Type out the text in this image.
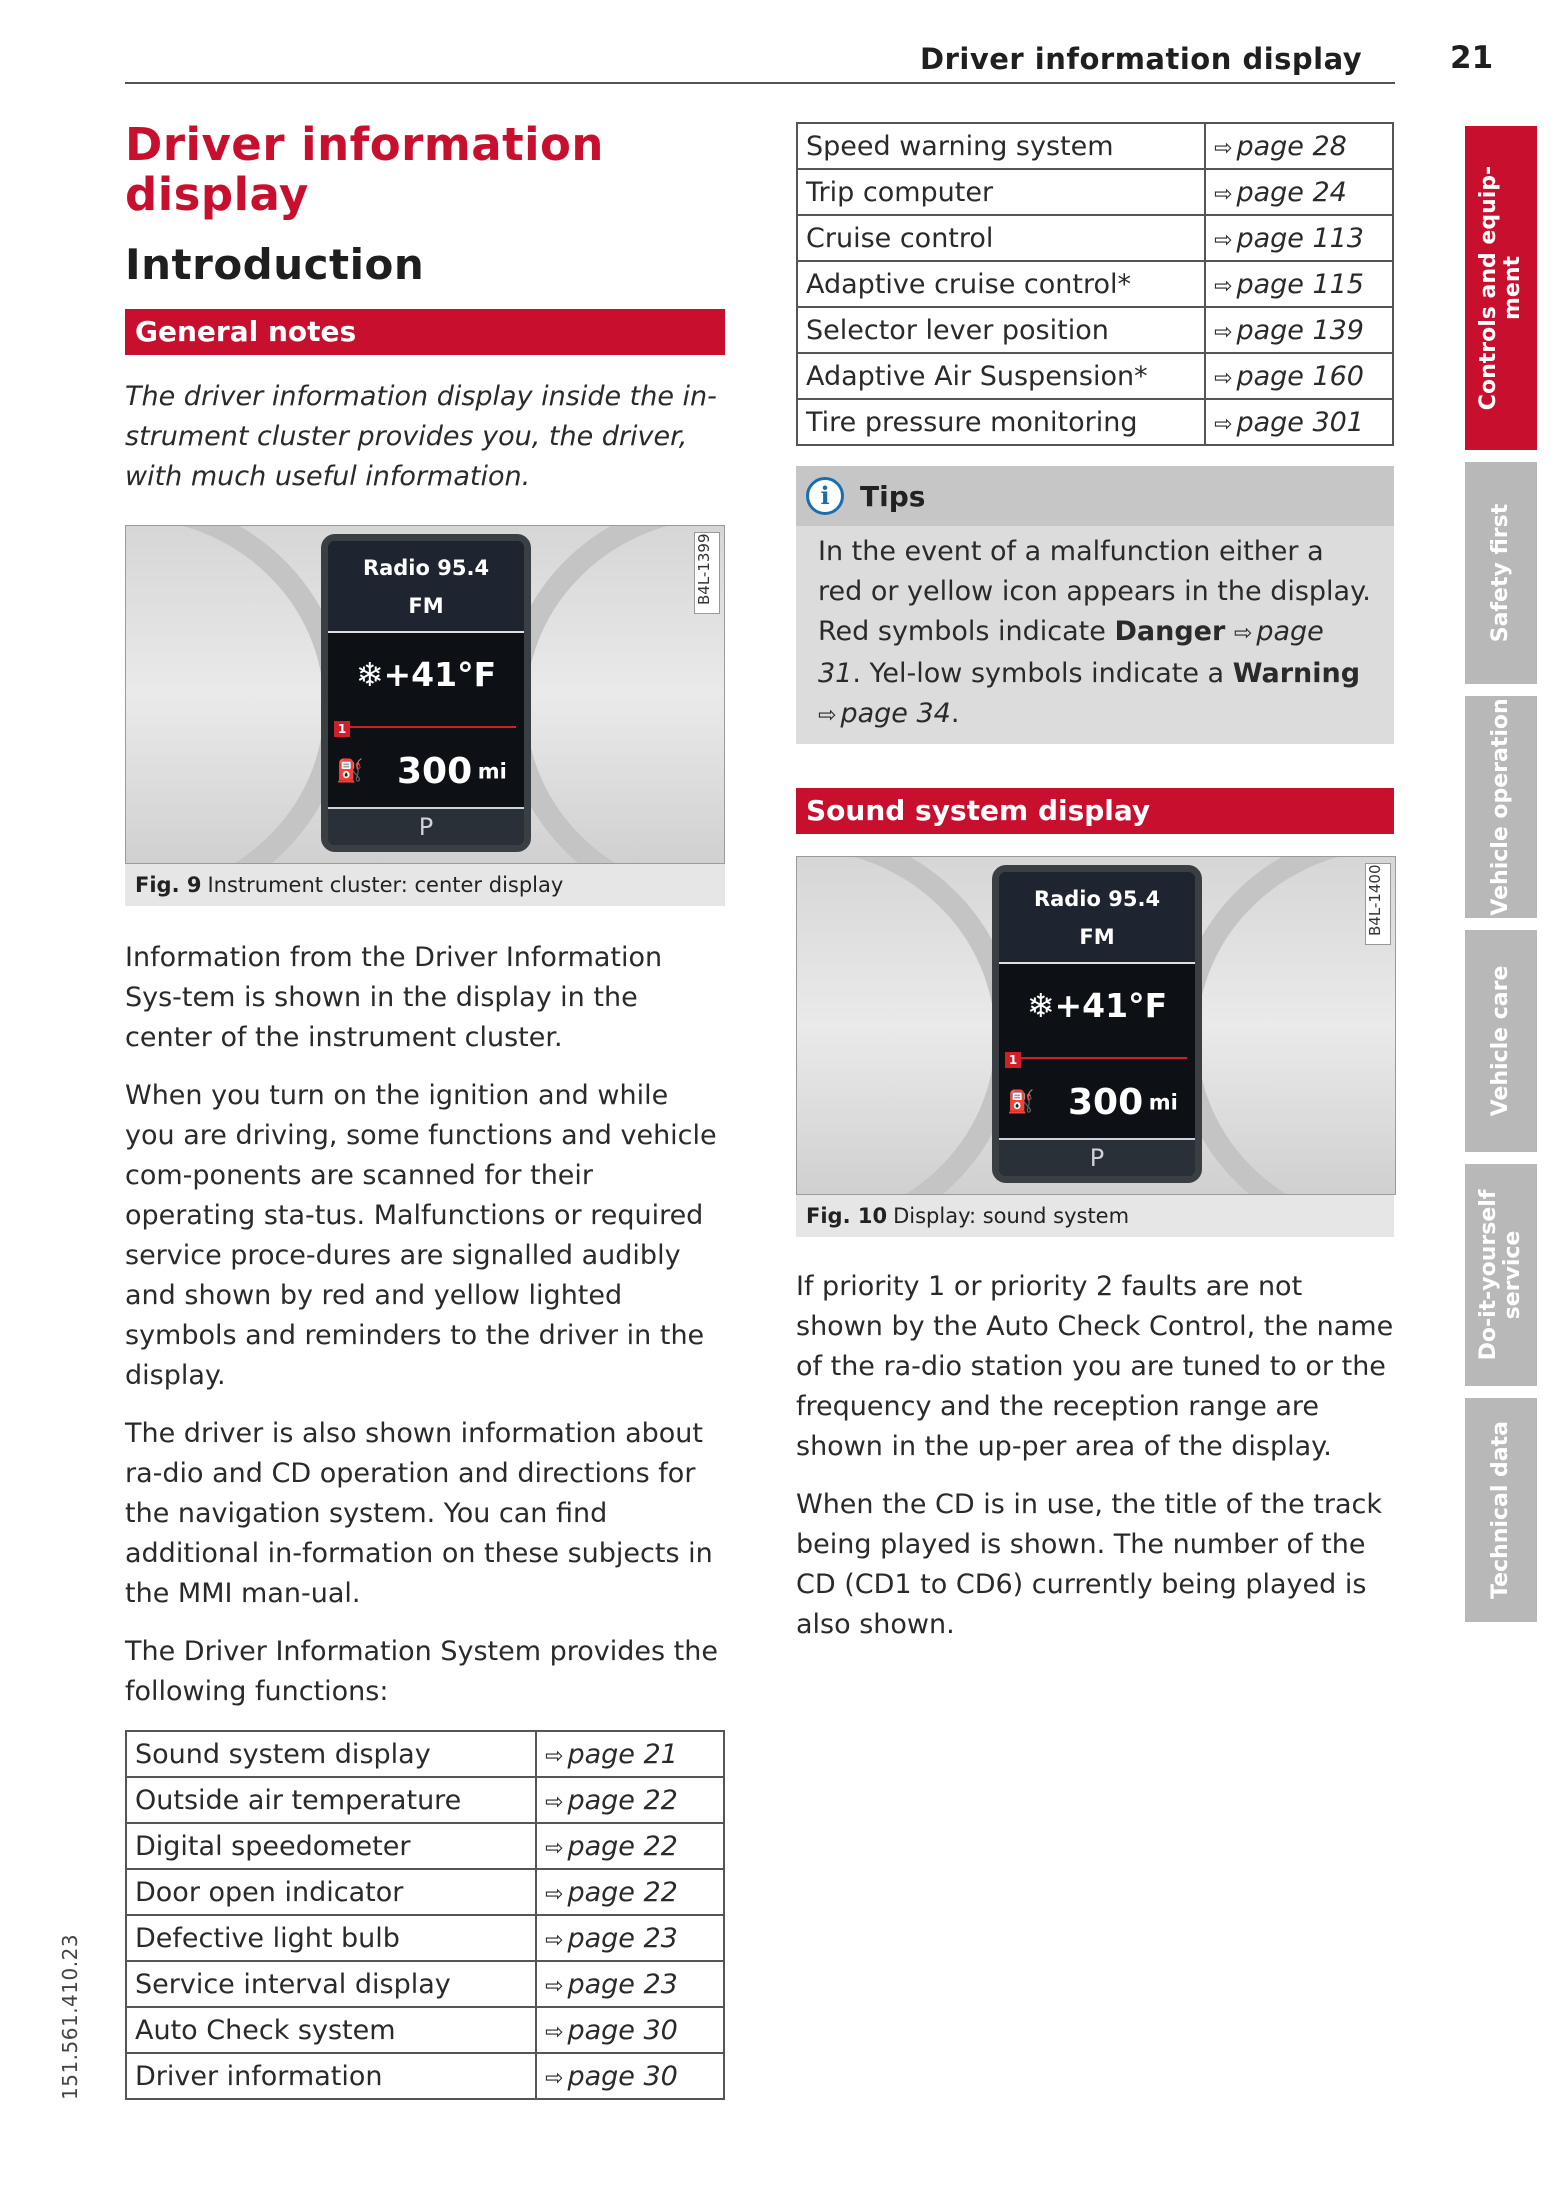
Driver information display	21
151.561.410.23
Driver information
display
Introduction
General notes
The driver information display inside the in-strument cluster provides you, the driver, with much useful information.
Radio 95.4
FM
❄+41°F
1
⛽ 300 mi
P
B4L-1399
Fig. 9 Instrument cluster: center display

Information from the Driver Information Sys-tem is shown in the display in the center of the instrument cluster.

When you turn on the ignition and while you are driving, some functions and vehicle com-ponents are scanned for their operating sta-tus. Malfunctions or required service proce-dures are signalled audibly and shown by red and yellow lighted symbols and reminders to the driver in the display.

The driver is also shown information about ra-dio and CD operation and directions for the navigation system. You can find additional in-formation on these subjects in the MMI man-ual.

The Driver Information System provides the following functions:

Sound system display	⇨ page 21
Outside air temperature	⇨ page 22
Digital speedometer	⇨ page 22
Door open indicator	⇨ page 22
Defective light bulb	⇨ page 23
Service interval display	⇨ page 23
Auto Check system	⇨ page 30
Driver information	⇨ page 30
Speed warning system	⇨ page 28
Trip computer	⇨ page 24
Cruise control	⇨ page 113
Adaptive cruise control*	⇨ page 115
Selector lever position	⇨ page 139
Adaptive Air Suspension*	⇨ page 160
Tire pressure monitoring	⇨ page 301
i	Tips
In the event of a malfunction either a red or yellow icon appears in the display. Red symbols indicate Danger ⇨ page 31. Yel-low symbols indicate a Warning ⇨ page 34.
Sound system display
Radio 95.4
FM
❄+41°F
1
⛽ 300 mi
P
B4L-1400
Fig. 10 Display: sound system

If priority 1 or priority 2 faults are not shown by the Auto Check Control, the name of the ra-dio station you are tuned to or the frequency and the reception range are shown in the up-per area of the display.

When the CD is in use, the title of the track being played is shown. The number of the CD (CD1 to CD6) currently being played is also shown.

Controls and equip-
ment
Safety first
Vehicle operation
Vehicle care
Do-it-yourself
service
Technical data
